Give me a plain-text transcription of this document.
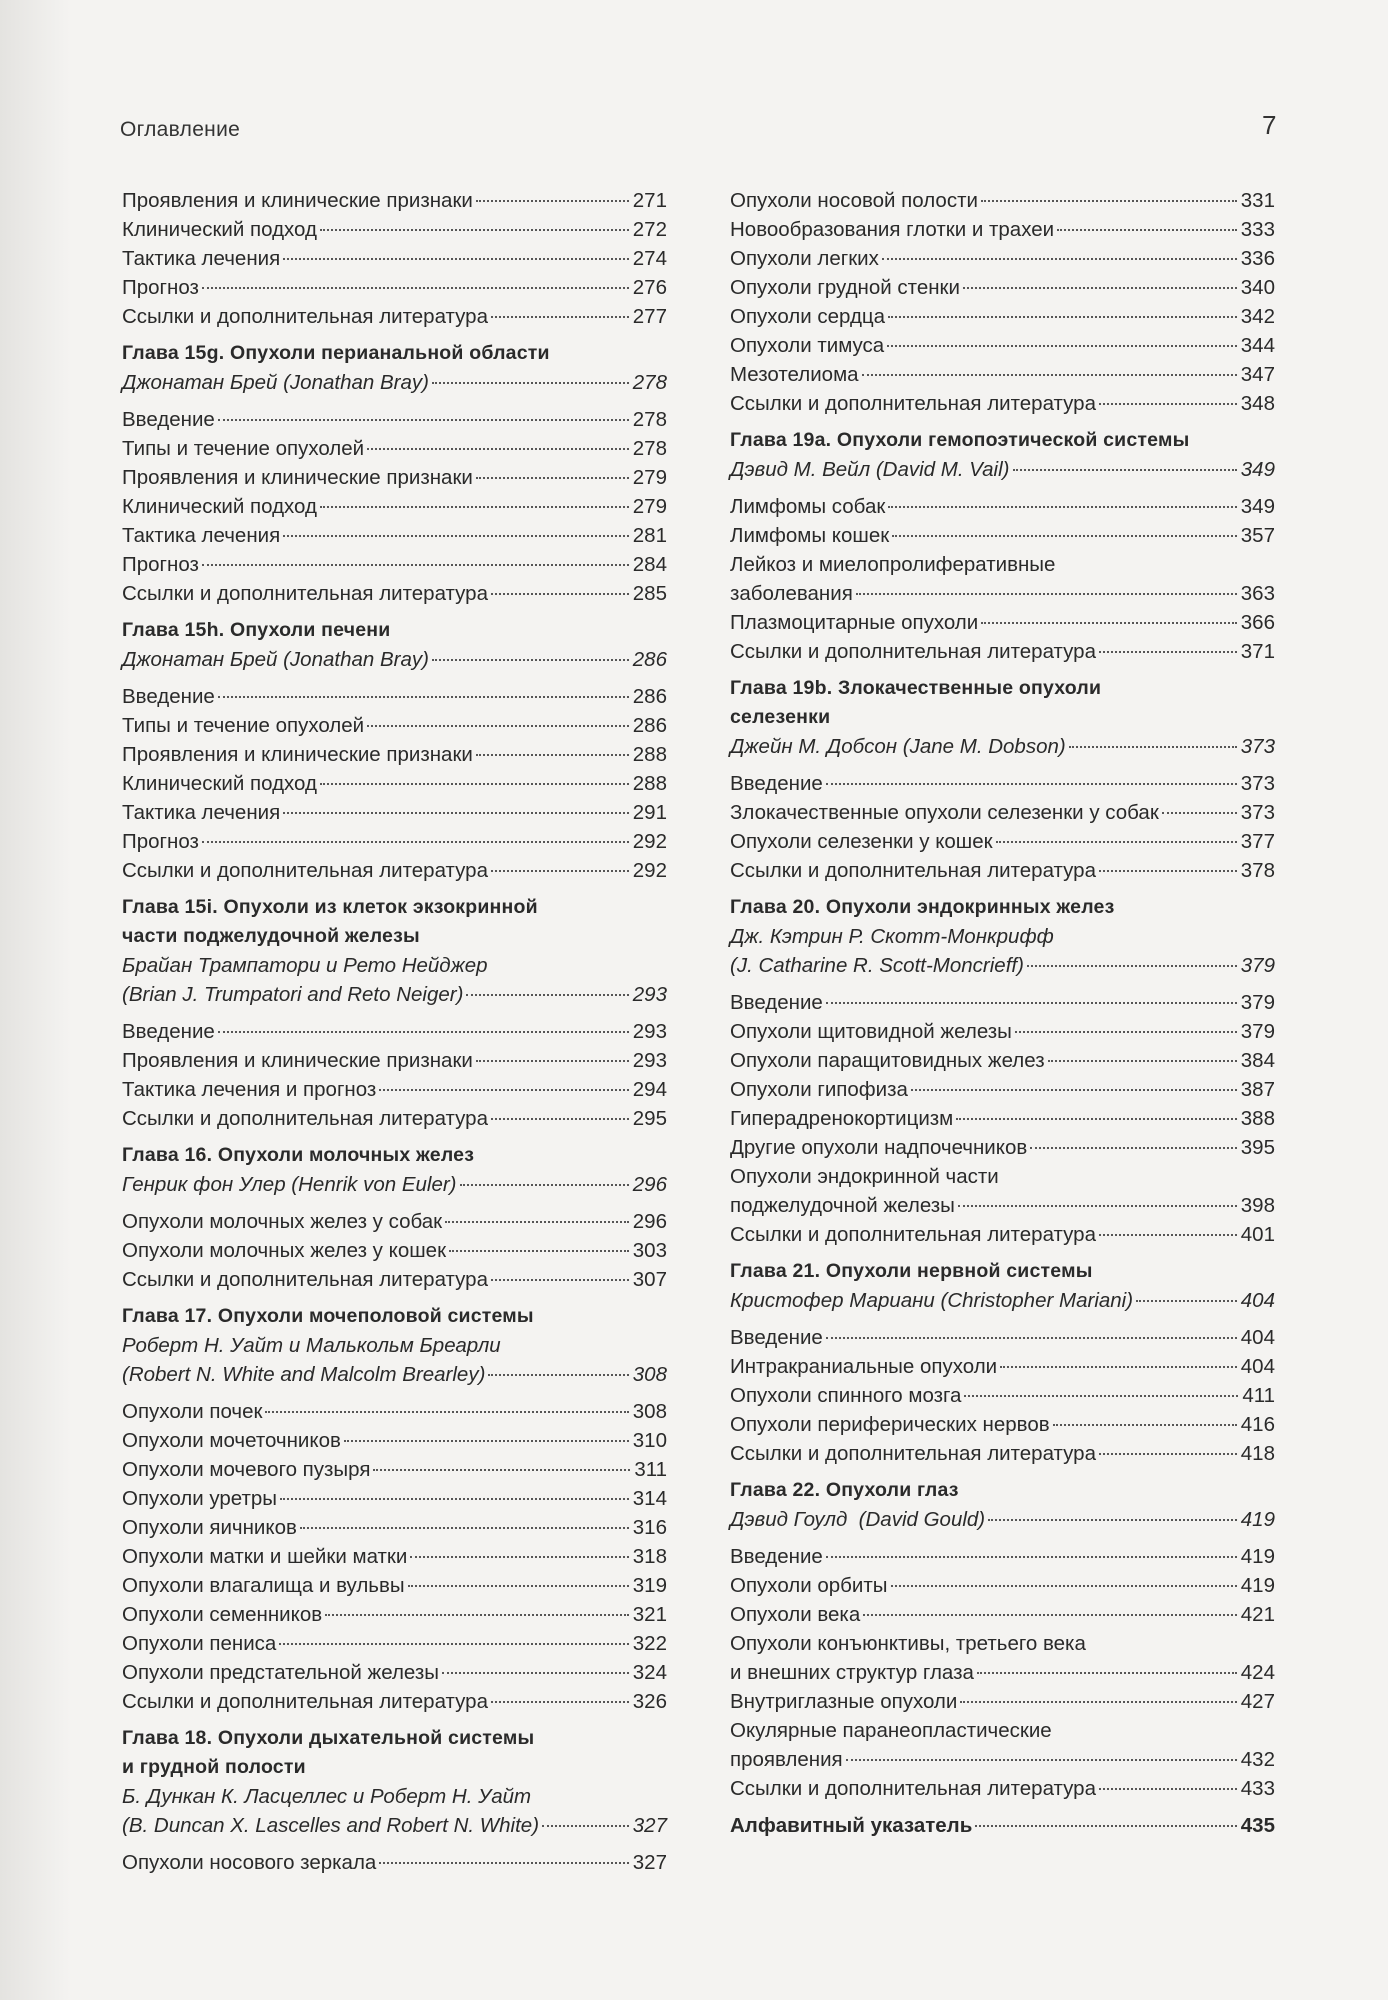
Оглавление	7
Проявления и клинические признаки	271
Клинический подход	272
Тактика лечения	274
Прогноз	276
Ссылки и дополнительная литература	277
Глава 15g. Опухоли перианальной области
Джонатан Брей (Jonathan Bray)	278
Введение	278
Типы и течение опухолей	278
Проявления и клинические признаки	279
Клинический подход	279
Тактика лечения	281
Прогноз	284
Ссылки и дополнительная литература	285
Глава 15h. Опухоли печени
Джонатан Брей (Jonathan Bray)	286
Введение	286
Типы и течение опухолей	286
Проявления и клинические признаки	288
Клинический подход	288
Тактика лечения	291
Прогноз	292
Ссылки и дополнительная литература	292
Глава 15i. Опухоли из клеток экзокринной
части поджелудочной железы
Брайан Трампатори и Рето Нейджер
(Brian J. Trumpatori and Reto Neiger)	293
Введение	293
Проявления и клинические признаки	293
Тактика лечения и прогноз	294
Ссылки и дополнительная литература	295
Глава 16. Опухоли молочных желез
Генрик фон Улер (Henrik von Euler)	296
Опухоли молочных желез у собак	296
Опухоли молочных желез у кошек	303
Ссылки и дополнительная литература	307
Глава 17. Опухоли мочеполовой системы
Роберт Н. Уайт и Малькольм Бреарли
(Robert N. White and Malcolm Brearley)	308
Опухоли почек	308
Опухоли мочеточников	310
Опухоли мочевого пузыря	311
Опухоли уретры	314
Опухоли яичников	316
Опухоли матки и шейки матки	318
Опухоли влагалища и вульвы	319
Опухоли семенников	321
Опухоли пениса	322
Опухоли предстательной железы	324
Ссылки и дополнительная литература	326
Глава 18. Опухоли дыхательной системы
и грудной полости
Б. Дункан К. Ласцеллес и Роберт Н. Уайт
(B. Duncan X. Lascelles and Robert N. White)	327
Опухоли носового зеркала	327
Опухоли носовой полости	331
Новообразования глотки и трахеи	333
Опухоли легких	336
Опухоли грудной стенки	340
Опухоли сердца	342
Опухоли тимуса	344
Мезотелиома	347
Ссылки и дополнительная литература	348
Глава 19а. Опухоли гемопоэтической системы
Дэвид М. Вейл (David M. Vail)	349
Лимфомы собак	349
Лимфомы кошек	357
Лейкоз и миелопролиферативные
заболевания	363
Плазмоцитарные опухоли	366
Ссылки и дополнительная литература	371
Глава 19b. Злокачественные опухоли
селезенки
Джейн М. Добсон (Jane M. Dobson)	373
Введение	373
Злокачественные опухоли селезенки у собак	373
Опухоли селезенки у кошек	377
Ссылки и дополнительная литература	378
Глава 20. Опухоли эндокринных желез
Дж. Кэтрин Р. Скотт-Монкрифф
(J. Catharine R. Scott-Moncrieff)	379
Введение	379
Опухоли щитовидной железы	379
Опухоли паращитовидных желез	384
Опухоли гипофиза	387
Гиперадренокортицизм	388
Другие опухоли надпочечников	395
Опухоли эндокринной части
поджелудочной железы	398
Ссылки и дополнительная литература	401
Глава 21. Опухоли нервной системы
Кристофер Мариани (Christopher Mariani)	404
Введение	404
Интракраниальные опухоли	404
Опухоли спинного мозга	411
Опухоли периферических нервов	416
Ссылки и дополнительная литература	418
Глава 22. Опухоли глаз
Дэвид Гоулд  (David Gould)	419
Введение	419
Опухоли орбиты	419
Опухоли века	421
Опухоли конъюнктивы, третьего века
и внешних структур глаза	424
Внутриглазные опухоли	427
Окулярные паранеопластические
проявления	432
Ссылки и дополнительная литература	433
Алфавитный указатель	435
